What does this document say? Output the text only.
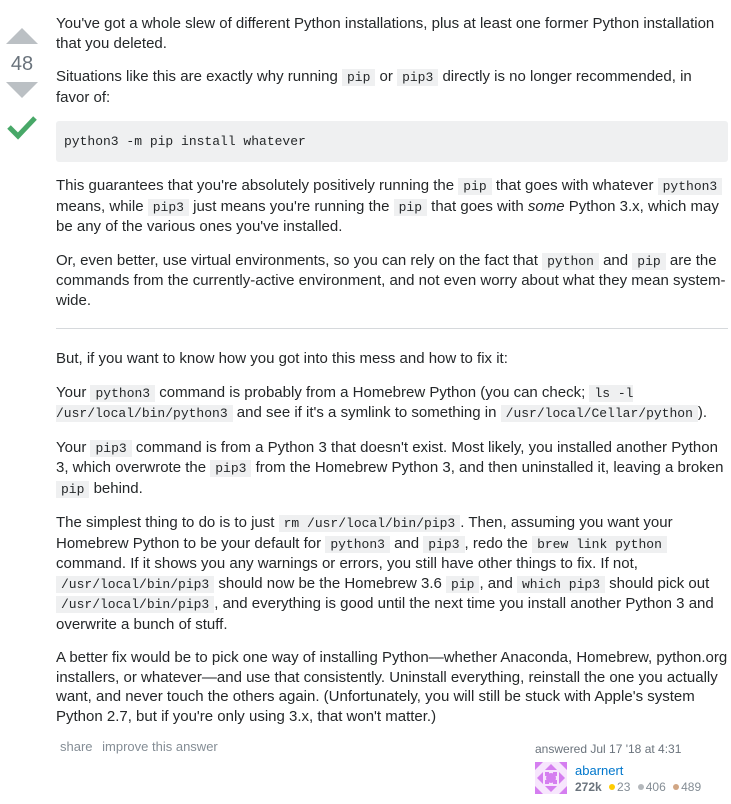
48

You've got a whole slew of different Python installations, plus at least one former Python installation that you deleted.

Situations like this are exactly why running pip or pip3 directly is no longer recommended, in favor of:

python3 -m pip install whatever

This guarantees that you're absolutely positively running the pip that goes with whatever python3 means, while pip3 just means you're running the pip that goes with some Python 3.x, which may be any of the various ones you've installed.

Or, even better, use virtual environments, so you can rely on the fact that python and pip are the commands from the currently-active environment, and not even worry about what they mean system-wide.

But, if you want to know how you got into this mess and how to fix it:

Your python3 command is probably from a Homebrew Python (you can check; ls -l /usr/local/bin/python3 and see if it's a symlink to something in /usr/local/Cellar/python ).

Your pip3 command is from a Python 3 that doesn't exist. Most likely, you installed another Python 3, which overwrote the pip3 from the Homebrew Python 3, and then uninstalled it, leaving a broken pip behind.

The simplest thing to do is to just rm /usr/local/bin/pip3 . Then, assuming you want your Homebrew Python to be your default for python3 and pip3 , redo the brew link python command. If it shows you any warnings or errors, you still have other things to fix. If not, /usr/local/bin/pip3 should now be the Homebrew 3.6 pip , and which pip3 should pick out /usr/local/bin/pip3 , and everything is good until the next time you install another Python 3 and overwrite a bunch of stuff.

A better fix would be to pick one way of installing Python—whether Anaconda, Homebrew, python.org installers, or whatever—and use that consistently. Uninstall everything, reinstall the one you actually want, and never touch the others again. (Unfortunately, you will still be stuck with Apple's system Python 2.7, but if you're only using 3.x, that won't matter.)

share improve this answer	answered Jul 17 '18 at 4:31
abarnert
272k 23 406 489
